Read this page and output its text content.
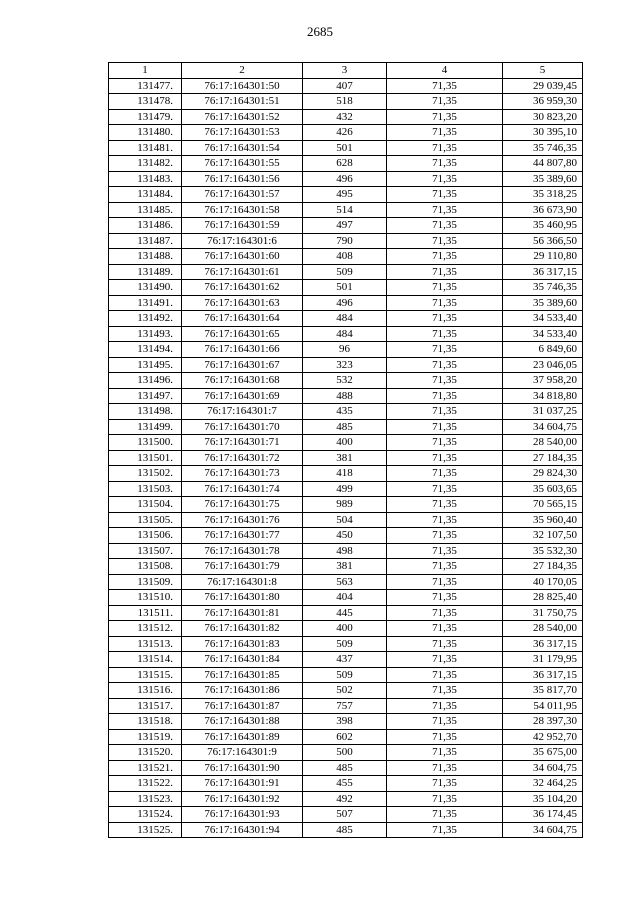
2685
1	2	3	4	5
131477.	76:17:164301:50	407	71,35	29 039,45
131478.	76:17:164301:51	518	71,35	36 959,30
131479.	76:17:164301:52	432	71,35	30 823,20
131480.	76:17:164301:53	426	71,35	30 395,10
131481.	76:17:164301:54	501	71,35	35 746,35
131482.	76:17:164301:55	628	71,35	44 807,80
131483.	76:17:164301:56	496	71,35	35 389,60
131484.	76:17:164301:57	495	71,35	35 318,25
131485.	76:17:164301:58	514	71,35	36 673,90
131486.	76:17:164301:59	497	71,35	35 460,95
131487.	76:17:164301:6	790	71,35	56 366,50
131488.	76:17:164301:60	408	71,35	29 110,80
131489.	76:17:164301:61	509	71,35	36 317,15
131490.	76:17:164301:62	501	71,35	35 746,35
131491.	76:17:164301:63	496	71,35	35 389,60
131492.	76:17:164301:64	484	71,35	34 533,40
131493.	76:17:164301:65	484	71,35	34 533,40
131494.	76:17:164301:66	96	71,35	6 849,60
131495.	76:17:164301:67	323	71,35	23 046,05
131496.	76:17:164301:68	532	71,35	37 958,20
131497.	76:17:164301:69	488	71,35	34 818,80
131498.	76:17:164301:7	435	71,35	31 037,25
131499.	76:17:164301:70	485	71,35	34 604,75
131500.	76:17:164301:71	400	71,35	28 540,00
131501.	76:17:164301:72	381	71,35	27 184,35
131502.	76:17:164301:73	418	71,35	29 824,30
131503.	76:17:164301:74	499	71,35	35 603,65
131504.	76:17:164301:75	989	71,35	70 565,15
131505.	76:17:164301:76	504	71,35	35 960,40
131506.	76:17:164301:77	450	71,35	32 107,50
131507.	76:17:164301:78	498	71,35	35 532,30
131508.	76:17:164301:79	381	71,35	27 184,35
131509.	76:17:164301:8	563	71,35	40 170,05
131510.	76:17:164301:80	404	71,35	28 825,40
131511.	76:17:164301:81	445	71,35	31 750,75
131512.	76:17:164301:82	400	71,35	28 540,00
131513.	76:17:164301:83	509	71,35	36 317,15
131514.	76:17:164301:84	437	71,35	31 179,95
131515.	76:17:164301:85	509	71,35	36 317,15
131516.	76:17:164301:86	502	71,35	35 817,70
131517.	76:17:164301:87	757	71,35	54 011,95
131518.	76:17:164301:88	398	71,35	28 397,30
131519.	76:17:164301:89	602	71,35	42 952,70
131520.	76:17:164301:9	500	71,35	35 675,00
131521.	76:17:164301:90	485	71,35	34 604,75
131522.	76:17:164301:91	455	71,35	32 464,25
131523.	76:17:164301:92	492	71,35	35 104,20
131524.	76:17:164301:93	507	71,35	36 174,45
131525.	76:17:164301:94	485	71,35	34 604,75
